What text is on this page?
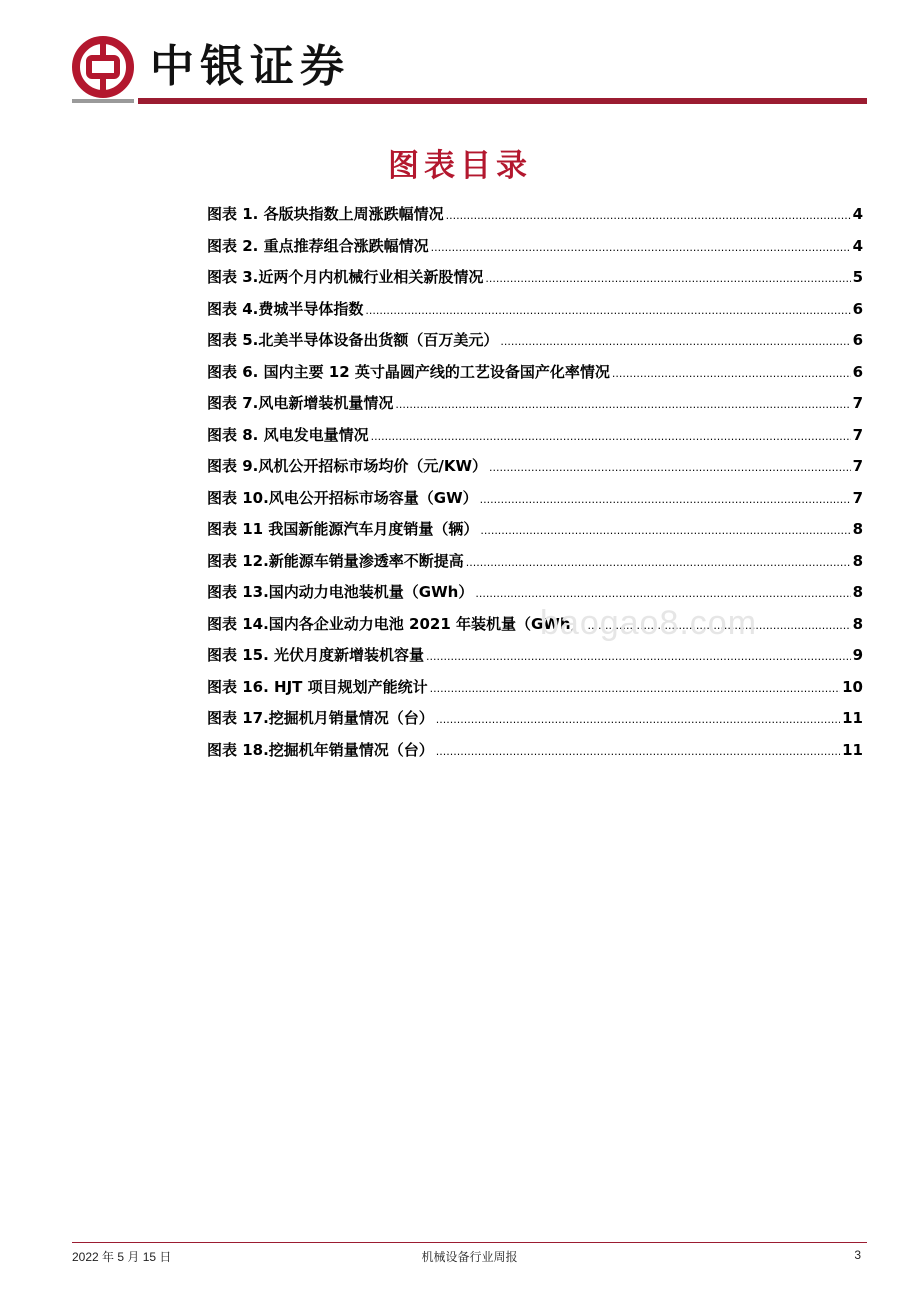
中银证券
图表目录
图表 1. 各版块指数上周涨跌幅情况 .....	4
图表 2. 重点推荐组合涨跌幅情况 .....	4
图表 3.近两个月内机械行业相关新股情况 .....	5
图表 4.费城半导体指数 .....	6
图表 5.北美半导体设备出货额（百万美元） .....	6
图表 6. 国内主要 12 英寸晶圆产线的工艺设备国产化率情况 .....	6
图表 7.风电新增装机量情况 .....	7
图表 8. 风电发电量情况 .....	7
图表 9.风机公开招标市场均价（元/KW） .....	7
图表 10.风电公开招标市场容量（GW） .....	7
图表 11 我国新能源汽车月度销量（辆） .....	8
图表 12.新能源车销量渗透率不断提高 .....	8
图表 13.国内动力电池装机量（GWh） .....	8
图表 14.国内各企业动力电池 2021 年装机量（GWh） .....	8
图表 15. 光伏月度新增装机容量 .....	9
图表 16. HJT 项目规划产能统计 .....	10
图表 17.挖掘机月销量情况（台） .....	11
图表 18.挖掘机年销量情况（台） .....	11
baogao8.com
2022 年 5 月 15 日	机械设备行业周报	3
